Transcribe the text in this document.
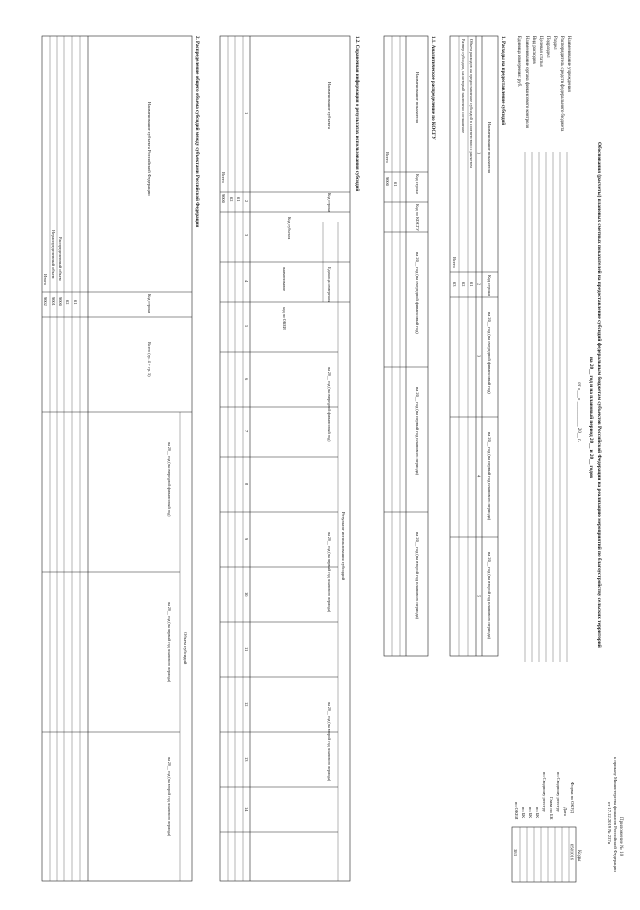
Приложение № 10
к приказу Министерства финансов Российской Федерации
от 17.12.2019 № 237н
Обоснования (расчеты) плановых сметных показателей на предоставление субсидий федеральным бюджетам субъектов Российской Федерации на реализацию мероприятий по благоустройству сельских территорий
на 20__ год и на плановый период 20__ и 20__ годов
от «___» __________ 20__ г.
Наименование учреждения
Распорядитель средств федерального бюджета
Раздел
Подраздел
Целевая статья
Вид расходов
Наименование органа финансового контроля
Единица измерения: руб.
Коды
0501016
383
Форма по ОКУД
Дата
по Сводному реестру
Глава по БК
по Сводному реестру
по БК
по БК
по БК
по ОКЕИ
1. Расходы на предоставление субсидий
Наименование показателя
Код строки
на 20__ год (на очередной финансовый год)
на 20__ год (на первый год планового периода)
на 20__ год (на второй год планового периода)
1
2
3
4
5
Объем расходов на предоставление субсидий в соответствии с расчетом
01
Размер субсидии, на который заключено соглашение
02
Всего
03
1.1. Аналитическое распределение по КОСГУ
Наименование показателя
Код строки
Код по КОСГУ
на 20__ год (на очередной финансовый год)
на 20__ год (на первый год планового периода)
на 20__ год (на второй год планового периода)
01
Всего
9000
1.2. Справочная информация о результатах использования субсидий
Наименование субъекта
Код строки
Код субъекта
Результат использования субсидий
Единица измерения
наименование
код по ОКЕИ
на 20__ год (на очередной финансовый год)
на 20__ год (на первый год планового периода)
на 20__ год (на второй год планового периода)
1
2
3
4
5
6
7
8
9
10
11
12
13
14
01
02
Всего
9000
2. Распределение общего объема субсидий между субъектами Российской Федерации
Наименование субъекта Российской Федерации
Код строки
Всего (гр. 4 + гр. 5)
Объем субсидий
на 20__ год (на очередной финансовый год)
на 20__ год (на первый год планового периода)
на 20__ год (на второй год планового периода)
01
02
Распределенный объем
9000
Нераспределенный объем
9001
Итого
9002
